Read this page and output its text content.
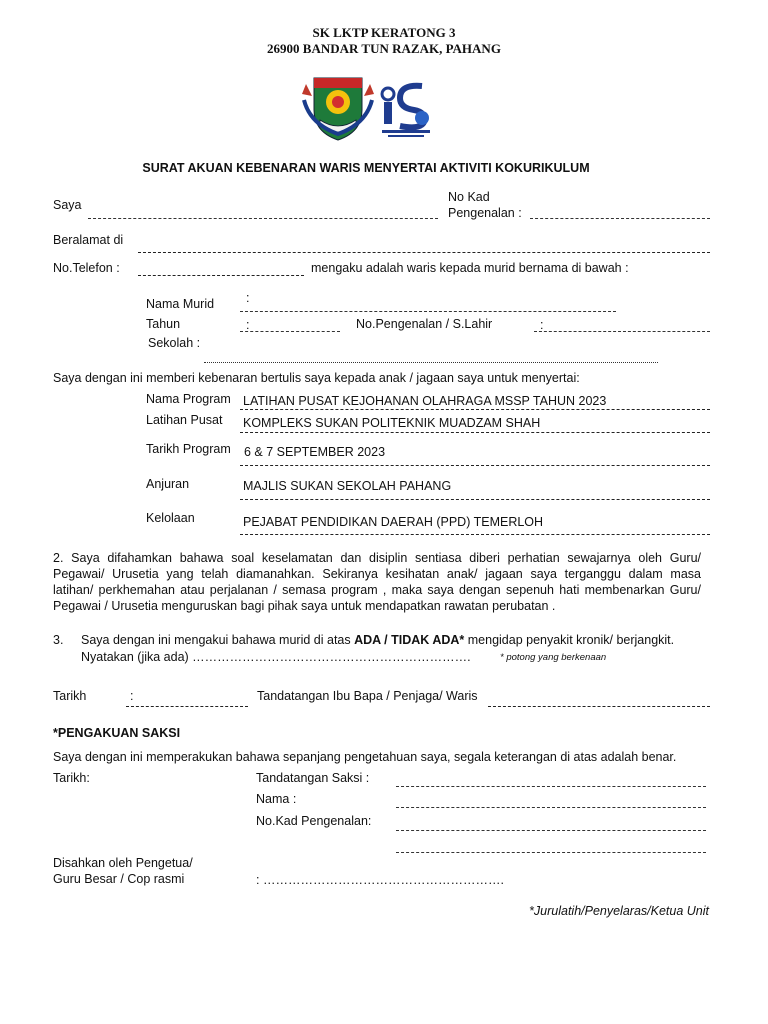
SK LKTP KERATONG 3
26900 BANDAR TUN RAZAK, PAHANG
SURAT AKUAN KEBENARAN WARIS MENYERTAI AKTIVITI KOKURIKULUM
Saya
No Kad
Pengenalan :
Beralamat di
No.Telefon :	mengaku adalah waris kepada murid bernama di bawah :
Nama Murid	:
Tahun	:	No.Pengenalan / S.Lahir	:
Sekolah :
Saya dengan ini memberi kebenaran bertulis saya kepada anak / jagaan saya untuk menyertai:
Nama Program LATIHAN PUSAT KEJOHANAN OLAHRAGA MSSP TAHUN 2023
Latihan Pusat KOMPLEKS SUKAN POLITEKNIK MUADZAM SHAH
Tarikh Program 6 & 7 SEPTEMBER 2023
Anjuran	MAJLIS SUKAN SEKOLAH PAHANG
Kelolaan	PEJABAT PENDIDIKAN DAERAH (PPD) TEMERLOH
2. Saya difahamkan bahawa soal keselamatan dan disiplin sentiasa diberi perhatian sewajarnya oleh Guru/
Pegawai/ Urusetia yang telah diamanahkan. Sekiranya kesihatan anak/ jagaan saya terganggu dalam masa
latihan/ perkhemahan atau perjalanan / semasa program , maka saya dengan sepenuh hati membenarkan Guru/
Pegawai / Urusetia menguruskan bagi pihak saya untuk mendapatkan rawatan perubatan .
3. Saya dengan ini mengakui bahawa murid di atas ADA / TIDAK ADA* mengidap penyakit kronik/ berjangkit.
Nyatakan (jika ada) ………………………………………………………….	* potong yang berkenaan
Tarikh	:	Tandatangan Ibu Bapa / Penjaga/ Waris
*PENGAKUAN SAKSI
Saya dengan ini memperakukan bahawa sepanjang pengetahuan saya, segala keterangan di atas adalah benar.
Tarikh:	Tandatangan Saksi :
Nama :
No.Kad Pengenalan:
Disahkan oleh Pengetua/
Guru Besar / Cop rasmi	: ………………………………………………….
*Jurulatih/Penyelaras/Ketua Unit
